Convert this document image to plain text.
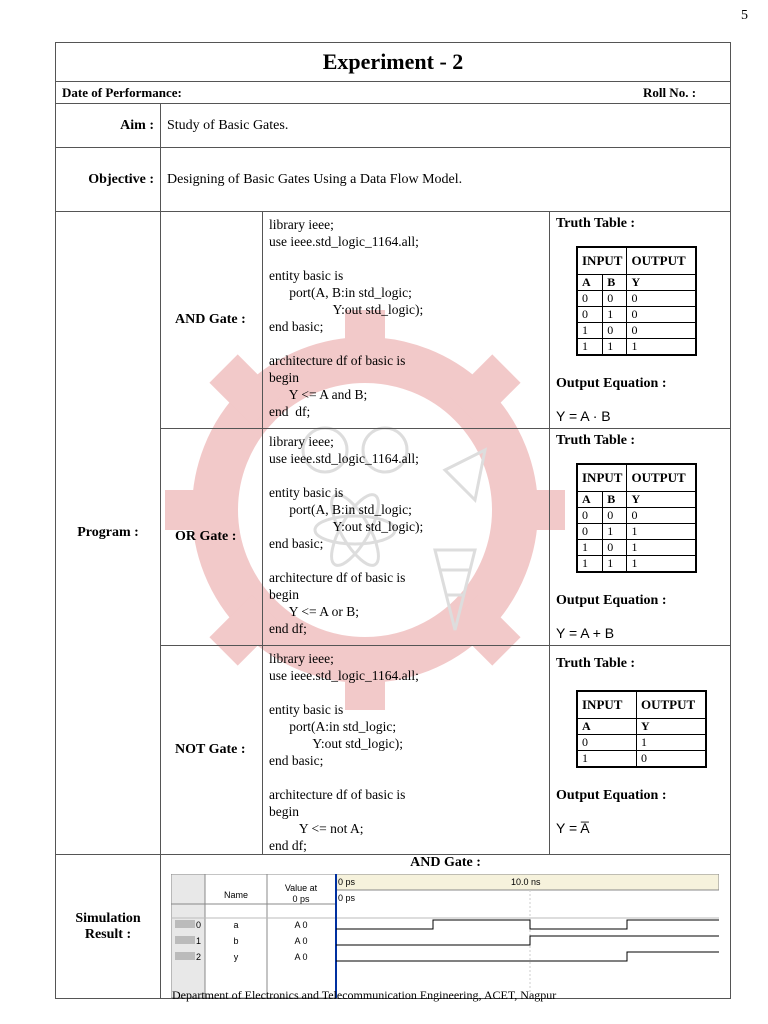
5
Experiment - 2

Date of Performance:	Roll No. :

Aim :	Study of Basic Gates.
Objective :	Designing of Basic Gates Using a Data Flow Model.
Program :	AND Gate :	library ieee;
use ieee.std_logic_1164.all;

entity basic is
port(A, B:in std_logic;
Y:out std_logic);
end basic;

architecture df of basic is
begin
Y <= A and B;
end  df;	
Truth Table :
INPUT	OUTPUT
A	B	Y
0	0	0
0	1	0
1	0	0
1	1	1
Output Equation :
Y = A · B

OR Gate :	library ieee;
use ieee.std_logic_1164.all;

entity basic is
port(A, B:in std_logic;
Y:out std_logic);
end basic;

architecture df of basic is
begin
Y <= A or B;
end df;	
Truth Table :
INPUT	OUTPUT
A	B	Y
0	0	0
0	1	1
1	0	1
1	1	1
Output Equation :
Y = A + B

NOT Gate :	library ieee;
use ieee.std_logic_1164.all;

entity basic is
port(A:in std_logic;
Y:out std_logic);
end basic;

architecture df of basic is
begin
Y <= not A;
end df;	
Truth Table :
INPUT	OUTPUT
A	Y
0	1
1	0
Output Equation :
Y = A̅

Simulation
Result :

AND Gate :
Name
Value at
0 ps
0 ps	10.0 ns
0 ps
0	a	A 0
1	b	A 0
2	y	A 0
Department of Electronics and Telecommunication Engineering, ACET, Nagpur
